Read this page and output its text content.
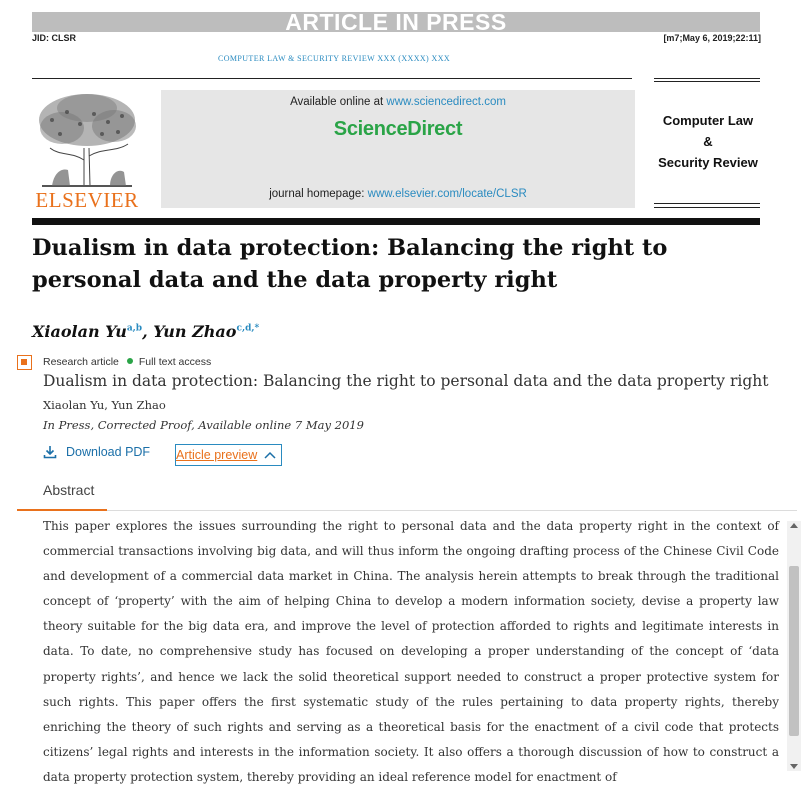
ARTICLE IN PRESS
JID: CLSR	[m7;May 6, 2019;22:11]
COMPUTER LAW & SECURITY REVIEW XXX (XXXX) XXX
ELSEVIER
Available online at www.sciencedirect.com
ScienceDirect
journal homepage: www.elsevier.com/locate/CLSR
Computer Law
&
Security Review
Dualism in data protection: Balancing the right to personal data and the data property right
Xiaolan Yu$^{a,b}$, Yun Zhao$^{c,d,*}$
Research article Full text access
Dualism in data protection: Balancing the right to personal data and the data property right
Xiaolan Yu, Yun Zhao
In Press, Corrected Proof, Available online 7 May 2019
Download PDF Article preview
Abstract
This paper explores the issues surrounding the right to personal data and the data property right in the context of commercial transactions involving big data, and will thus inform the ongoing drafting process of the Chinese Civil Code and development of a commercial data market in China. The analysis herein attempts to break through the traditional concept of ‘property’ with the aim of helping China to develop a modern information society, devise a property law theory suitable for the big data era, and improve the level of protection afforded to rights and legitimate interests in data. To date, no comprehensive study has focused on developing a proper understanding of the concept of ‘data property rights’, and hence we lack the solid theoretical support needed to construct a proper protective system for such rights. This paper offers the first systematic study of the rules pertaining to data property rights, thereby enriching the theory of such rights and serving as a theoretical basis for the enactment of a civil code that protects citizens’ legal rights and interests in the information society. It also offers a thorough discussion of how to construct a data property protection system, thereby providing an ideal reference model for enactment of
